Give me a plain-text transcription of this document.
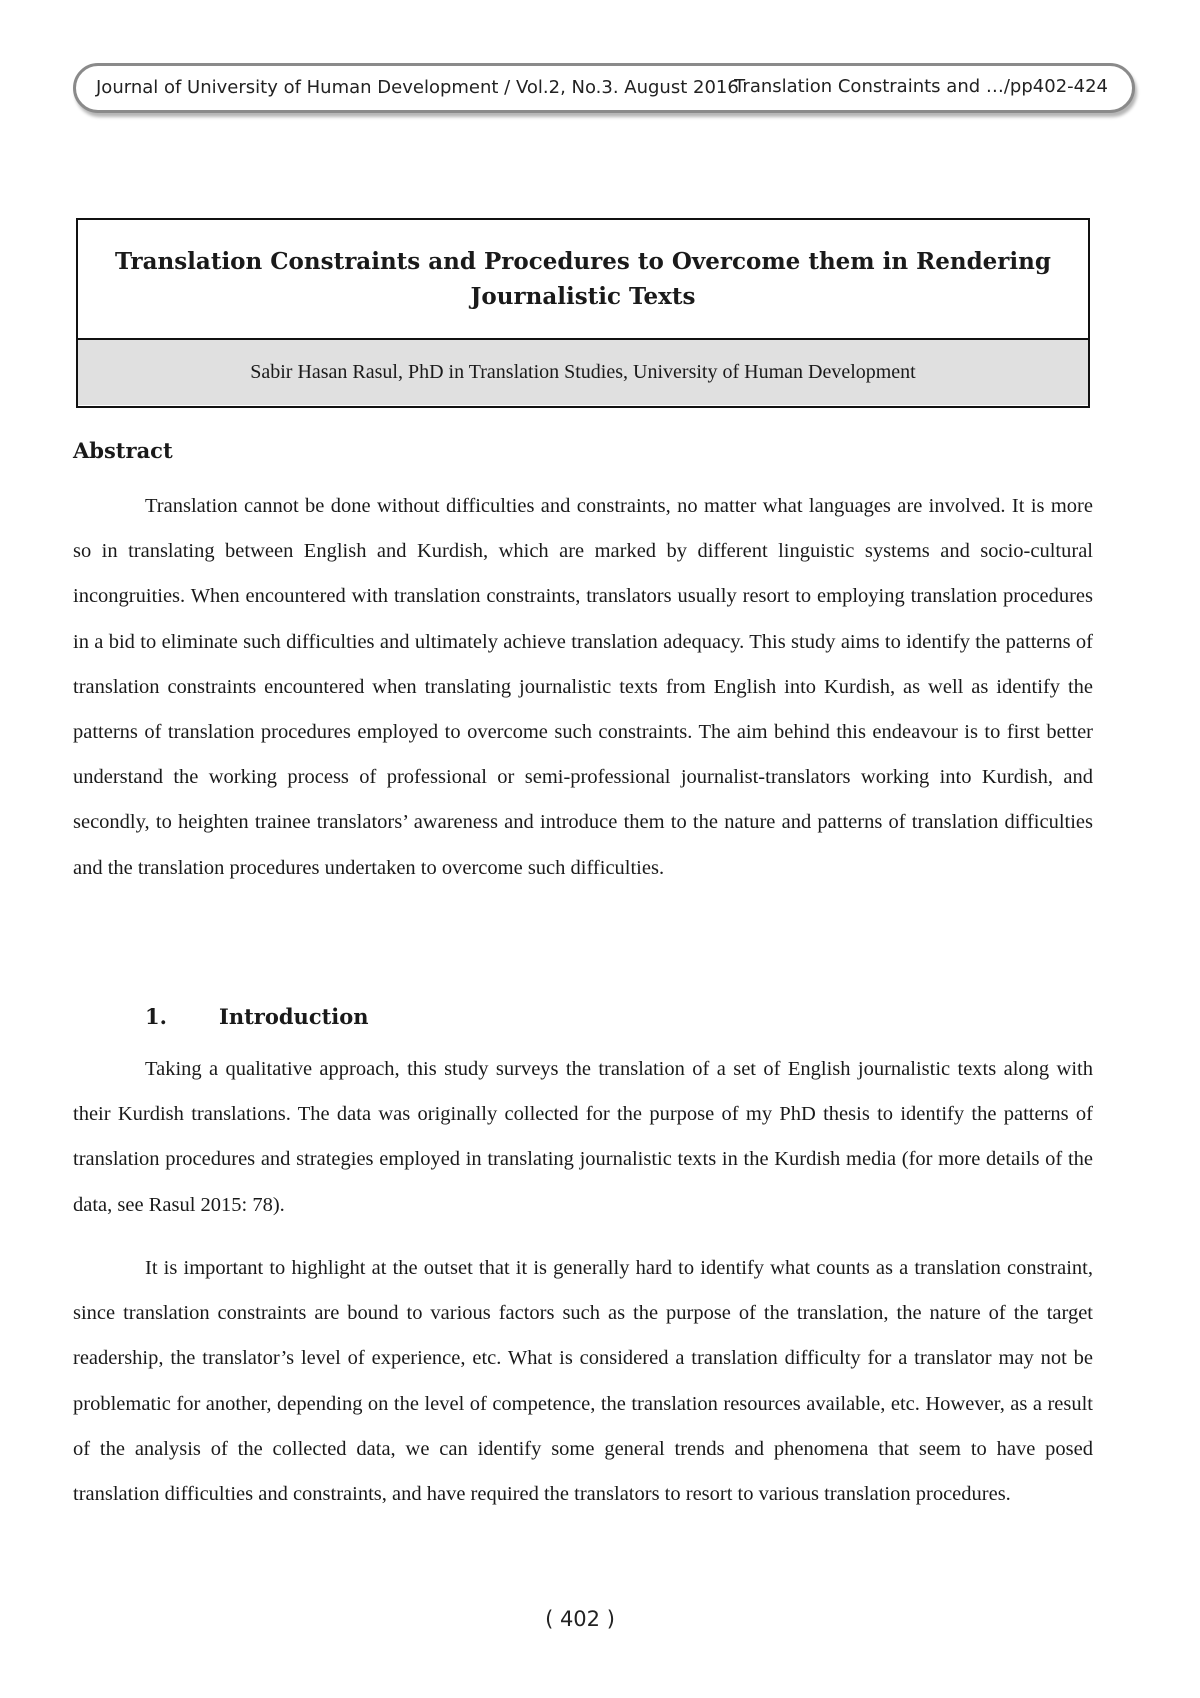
Journal of University of Human Development / Vol.2, No.3. August 2016
Translation Constraints and …/pp402-424
Translation Constraints and Procedures to Overcome them in Rendering Journalistic Texts
Sabir Hasan Rasul, PhD in Translation Studies, University of Human Development
Abstract

Translation cannot be done without difficulties and constraints, no matter what languages are involved. It is more so in translating between English and Kurdish, which are marked by different linguistic systems and socio-cultural incongruities. When encountered with translation constraints, translators usually resort to employing translation procedures in a bid to eliminate such difficulties and ultimately achieve translation adequacy. This study aims to identify the patterns of translation constraints encountered when translating journalistic texts from English into Kurdish, as well as identify the patterns of translation procedures employed to overcome such constraints. The aim behind this endeavour is to first better understand the working process of professional or semi-professional journalist-translators working into Kurdish, and secondly, to heighten trainee translators’ awareness and introduce them to the nature and patterns of translation difficulties and the translation procedures undertaken to overcome such difficulties.

1. Introduction

Taking a qualitative approach, this study surveys the translation of a set of English journalistic texts along with their Kurdish translations. The data was originally collected for the purpose of my PhD thesis to identify the patterns of translation procedures and strategies employed in translating journalistic texts in the Kurdish media (for more details of the data, see Rasul 2015: 78).

It is important to highlight at the outset that it is generally hard to identify what counts as a translation constraint, since translation constraints are bound to various factors such as the purpose of the translation, the nature of the target readership, the translator’s level of experience, etc. What is considered a translation difficulty for a translator may not be problematic for another, depending on the level of competence, the translation resources available, etc. However, as a result of the analysis of the collected data, we can identify some general trends and phenomena that seem to have posed translation difficulties and constraints, and have required the translators to resort to various translation procedures.

( 402 )
